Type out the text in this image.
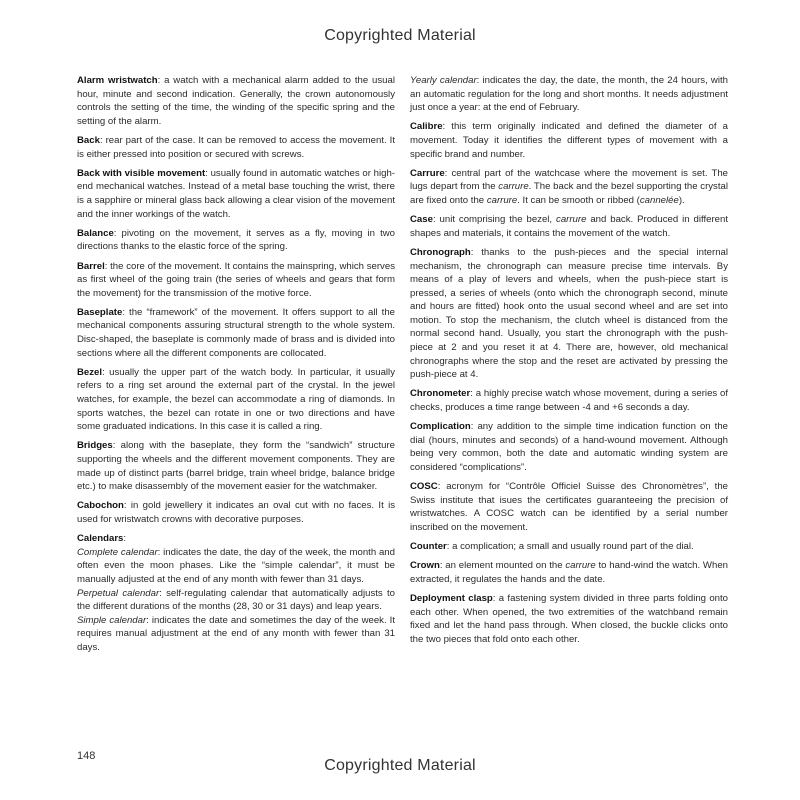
Copyrighted Material

Alarm wristwatch: a watch with a mechanical alarm added to the usual hour, minute and second indication. Generally, the crown autonomously controls the setting of the time, the winding of the specific spring and the setting of the alarm.

Back: rear part of the case. It can be removed to access the movement. It is either pressed into position or secured with screws.

Back with visible movement: usually found in automatic watches or high-end mechanical watches. Instead of a metal base touching the wrist, there is a sapphire or mineral glass back allowing a clear vision of the movement and the inner workings of the watch.

Balance: pivoting on the movement, it serves as a fly, moving in two directions thanks to the elastic force of the spring.

Barrel: the core of the movement. It contains the mainspring, which serves as first wheel of the going train (the series of wheels and gears that form the movement) for the transmission of the motive force.

Baseplate: the “framework” of the movement. It offers support to all the mechanical components assuring structural strength to the whole system. Disc-shaped, the baseplate is commonly made of brass and is divided into sections where all the different components are collocated.

Bezel: usually the upper part of the watch body. In particular, it usually refers to a ring set around the external part of the crystal. In the jewel watches, for example, the bezel can accommodate a ring of diamonds. In sports watches, the bezel can rotate in one or two directions and have some graduated indications. In this case it is called a ring.

Bridges: along with the baseplate, they form the “sandwich” structure supporting the wheels and the different movement components. They are made up of distinct parts (barrel bridge, train wheel bridge, balance bridge etc.) to make disassembly of the movement easier for the watchmaker.

Cabochon: in gold jewellery it indicates an oval cut with no faces. It is used for wristwatch crowns with decorative purposes.

Calendars:
Complete calendar: indicates the date, the day of the week, the month and often even the moon phases. Like the “simple calendar”, it must be manually adjusted at the end of any month with fewer than 31 days.
Perpetual calendar: self-regulating calendar that automatically adjusts to the different durations of the months (28, 30 or 31 days) and leap years.
Simple calendar: indicates the date and sometimes the day of the week. It requires manual adjustment at the end of any month with fewer than 31 days.

Yearly calendar: indicates the day, the date, the month, the 24 hours, with an automatic regulation for the long and short months. It needs adjustment just once a year: at the end of February.

Calibre: this term originally indicated and defined the diameter of a movement. Today it identifies the different types of movement with a specific brand and number.

Carrure: central part of the watchcase where the movement is set. The lugs depart from the carrure. The back and the bezel supporting the crystal are fixed onto the carrure. It can be smooth or ribbed (cannelée).

Case: unit comprising the bezel, carrure and back. Produced in different shapes and materials, it contains the movement of the watch.

Chronograph: thanks to the push-pieces and the special internal mechanism, the chronograph can measure precise time intervals. By means of a play of levers and wheels, when the push-piece start is pressed, a series of wheels (onto which the chronograph second, minute and hours are fitted) hook onto the usual second wheel and are set into motion. To stop the mechanism, the clutch wheel is distanced from the normal second hand. Usually, you start the chronograph with the push-piece at 2 and you reset it at 4. There are, however, old mechanical chronographs where the stop and the reset are activated by pressing the push-piece at 4.

Chronometer: a highly precise watch whose movement, during a series of checks, produces a time range between -4 and +6 seconds a day.

Complication: any addition to the simple time indication function on the dial (hours, minutes and seconds) of a hand-wound movement. Although being very common, both the date and automatic winding system are considered “complications”.

COSC: acronym for “Contrôle Officiel Suisse des Chronomètres”, the Swiss institute that isues the certificates guaranteeing the precision of wristwatches. A COSC watch can be identified by a serial number inscribed on the movement.

Counter: a complication; a small and usually round part of the dial.

Crown: an element mounted on the carrure to hand-wind the watch. When extracted, it regulates the hands and the date.

Deployment clasp: a fastening system divided in three parts folding onto each other. When opened, the two extremities of the watchband remain fixed and let the hand pass through. When closed, the buckle clicks onto the two pieces that fold onto each other.

148
Copyrighted Material
